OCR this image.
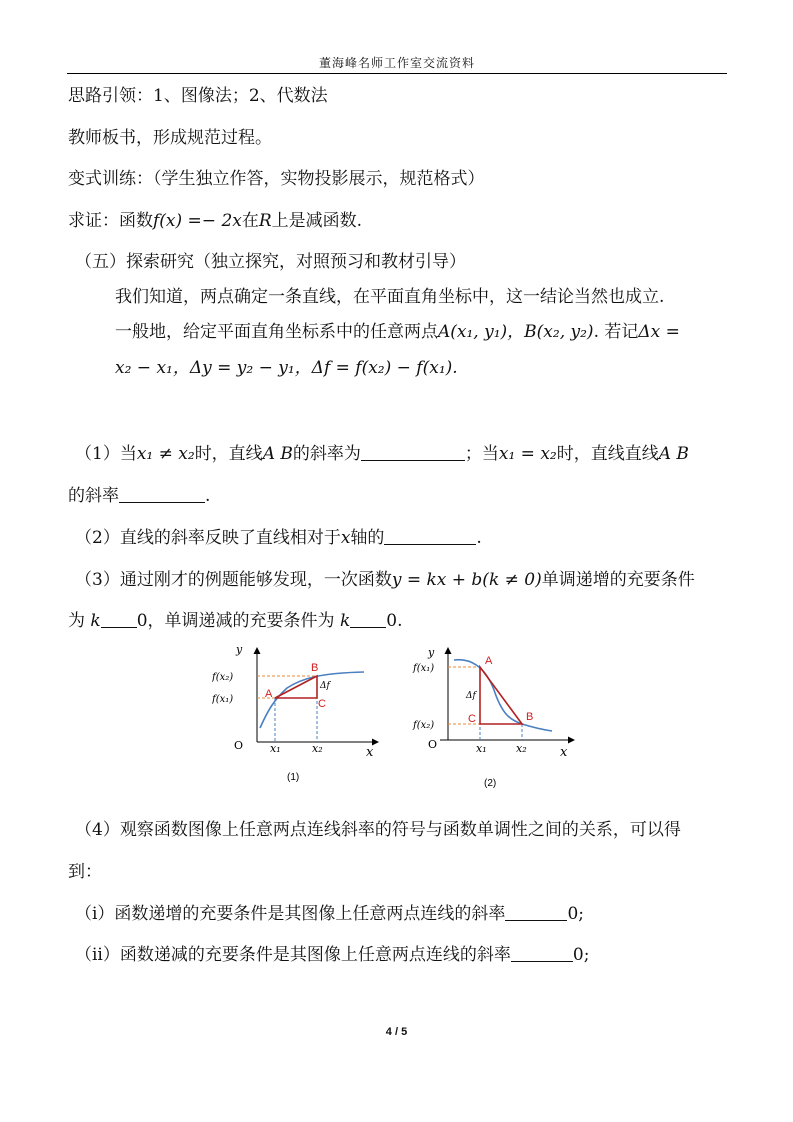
董海峰名师工作室交流资料
思路引领：1、图像法；2、代数法
教师板书，形成规范过程。
变式训练：（学生独立作答，实物投影展示，规范格式）
求证：函数f(x) =− 2x在R上是减函数.
（五）探索研究（独立探究，对照预习和教材引导）
我们知道，两点确定一条直线，在平面直角坐标中，这一结论当然也成立.
一般地，给定平面直角坐标系中的任意两点A(x₁, y₁)，B(x₂, y₂). 若记Δx =
x₂ − x₁，Δy = y₂ − y₁，Δf = f(x₂) − f(x₁).
（1）当x₁ ≠ x₂时，直线A B的斜率为	；当x₁ = x₂时，直线直线A B
的斜率	.
（2）直线的斜率反映了直线相对于x轴的	.
（3）通过刚才的例题能够发现，一次函数y = kx + b(k ≠ 0)单调递增的充要条件
为 k 0，单调递减的充要条件为 k 0.
y
x
O
f(x₂)
f(x₁)
x₁	x₂
A
B
C
Δf
(1)
y
x
O
f(x₁)
f(x₂)
x₁	x₂
A
B
C
Δf
(2)
（4）观察函数图像上任意两点连线斜率的符号与函数单调性之间的关系，可以得
到：
（i）函数递增的充要条件是其图像上任意两点连线的斜率	0;
（ii）函数递减的充要条件是其图像上任意两点连线的斜率	0;
4 / 5
